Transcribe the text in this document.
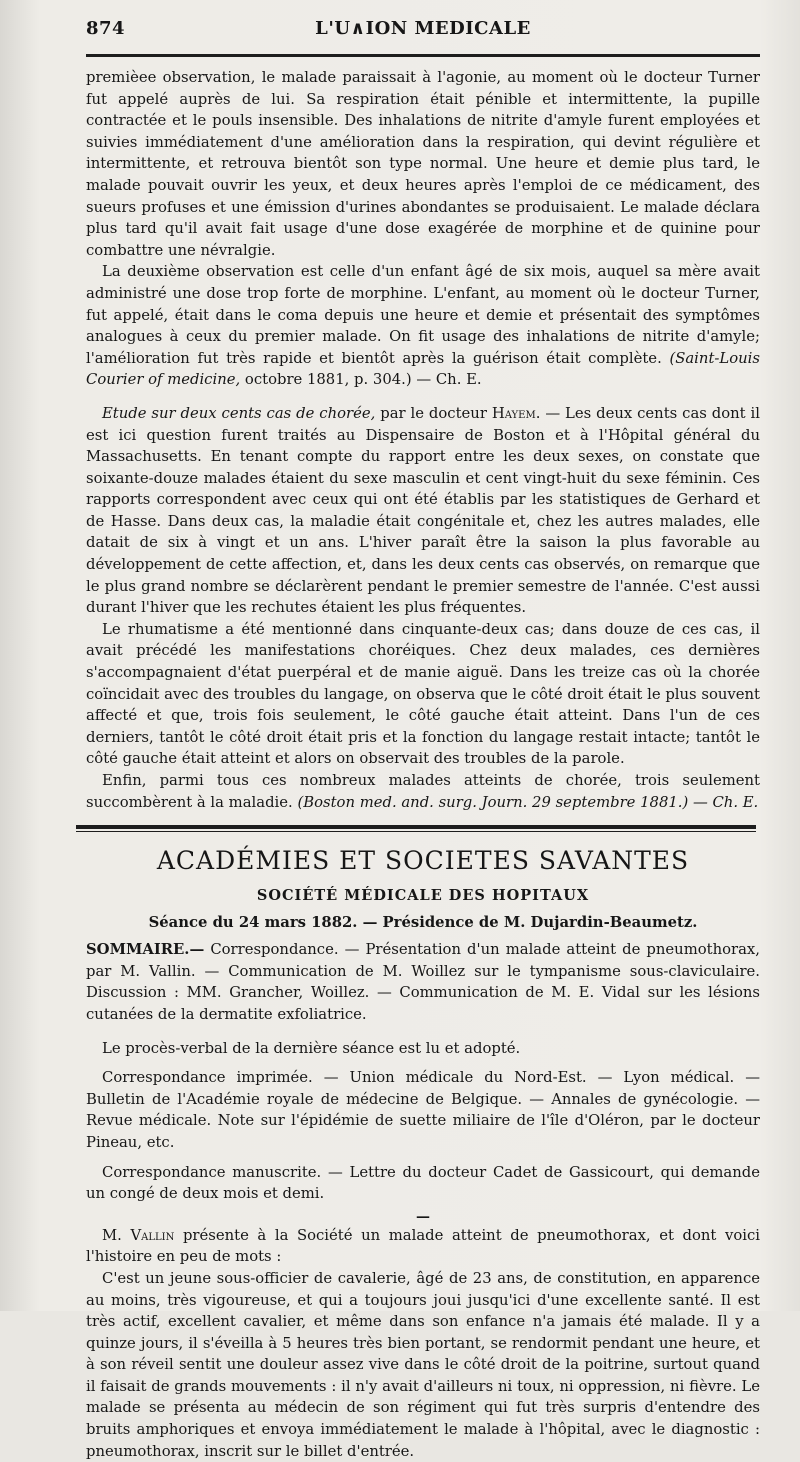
874	L'U∧ION MEDICALE

premièee observation, le malade paraissait à l'agonie, au moment où le docteur Turner fut appelé auprès de lui. Sa respiration était pénible et intermittente, la pupille contractée et le pouls insensible. Des inhalations de nitrite d'amyle furent employées et suivies immédiatement d'une amélioration dans la respiration, qui devint régulière et intermittente, et retrouva bientôt son type normal. Une heure et demie plus tard, le malade pouvait ouvrir les yeux, et deux heures après l'emploi de ce médicament, des sueurs profuses et une émission d'urines abondantes se produisaient. Le malade déclara plus tard qu'il avait fait usage d'une dose exagérée de morphine et de quinine pour combattre une névralgie.

La deuxième observation est celle d'un enfant âgé de six mois, auquel sa mère avait administré une dose trop forte de morphine. L'enfant, au moment où le docteur Turner, fut appelé, était dans le coma depuis une heure et demie et présentait des symptômes analogues à ceux du premier malade. On fit usage des inhalations de nitrite d'amyle; l'amélioration fut très rapide et bientôt après la guérison était complète. (Saint-Louis Courier of medicine, octobre 1881, p. 304.) — Ch. E.

Etude sur deux cents cas de chorée, par le docteur Hayem. — Les deux cents cas dont il est ici question furent traités au Dispensaire de Boston et à l'Hôpital général du Massachusetts. En tenant compte du rapport entre les deux sexes, on constate que soixante-douze malades étaient du sexe masculin et cent vingt-huit du sexe féminin. Ces rapports correspondent avec ceux qui ont été établis par les statistiques de Gerhard et de Hasse. Dans deux cas, la maladie était congénitale et, chez les autres malades, elle datait de six à vingt et un ans. L'hiver paraît être la saison la plus favorable au développement de cette affection, et, dans les deux cents cas observés, on remarque que le plus grand nombre se déclarèrent pendant le premier semestre de l'année. C'est aussi durant l'hiver que les rechutes étaient les plus fréquentes.

Le rhumatisme a été mentionné dans cinquante-deux cas; dans douze de ces cas, il avait précédé les manifestations choréiques. Chez deux malades, ces dernières s'accompagnaient d'état puerpéral et de manie aiguë. Dans les treize cas où la chorée coïncidait avec des troubles du langage, on observa que le côté droit était le plus souvent affecté et que, trois fois seulement, le côté gauche était atteint. Dans l'un de ces derniers, tantôt le côté droit était pris et la fonction du langage restait intacte; tantôt le côté gauche était atteint et alors on observait des troubles de la parole.

Enfin, parmi tous ces nombreux malades atteints de chorée, trois seulement succombèrent à la maladie. (Boston med. and. surg. Journ. 29 septembre 1881.) — Ch. E.

ACADÉMIES ET SOCIETES SAVANTES
SOCIÉTÉ MÉDICALE DES HOPITAUX
Séance du 24 mars 1882. — Présidence de M. Dujardin-Beaumetz.

SOMMAIRE.— Correspondance. — Présentation d'un malade atteint de pneumothorax, par M. Vallin. — Communication de M. Woillez sur le tympanisme sous-claviculaire. Discussion : MM. Grancher, Woillez. — Communication de M. E. Vidal sur les lésions cutanées de la dermatite exfoliatrice.

Le procès-verbal de la dernière séance est lu et adopté.

Correspondance imprimée. — Union médicale du Nord-Est. — Lyon médical. — Bulletin de l'Académie royale de médecine de Belgique. — Annales de gynécologie. — Revue médicale. Note sur l'épidémie de suette miliaire de l'île d'Oléron, par le docteur Pineau, etc.

Correspondance manuscrite. — Lettre du docteur Cadet de Gassicourt, qui demande un congé de deux mois et demi.

—

M. Vallin présente à la Société un malade atteint de pneumothorax, et dont voici l'histoire en peu de mots :

C'est un jeune sous-officier de cavalerie, âgé de 23 ans, de constitution, en apparence au moins, très vigoureuse, et qui a toujours joui jusqu'ici d'une excellente santé. Il est très actif, excellent cavalier, et même dans son enfance n'a jamais été malade. Il y a quinze jours, il s'éveilla à 5 heures très bien portant, se rendormit pendant une heure, et à son réveil sentit une douleur assez vive dans le côté droit de la poitrine, surtout quand il faisait de grands mouvements : il n'y avait d'ailleurs ni toux, ni oppression, ni fièvre. Le malade se présenta au médecin de son régiment qui fut très surpris d'entendre des bruits amphoriques et envoya immédiatement le malade à l'hôpital, avec le diagnostic : pneumothorax, inscrit sur le billet d'entrée.
